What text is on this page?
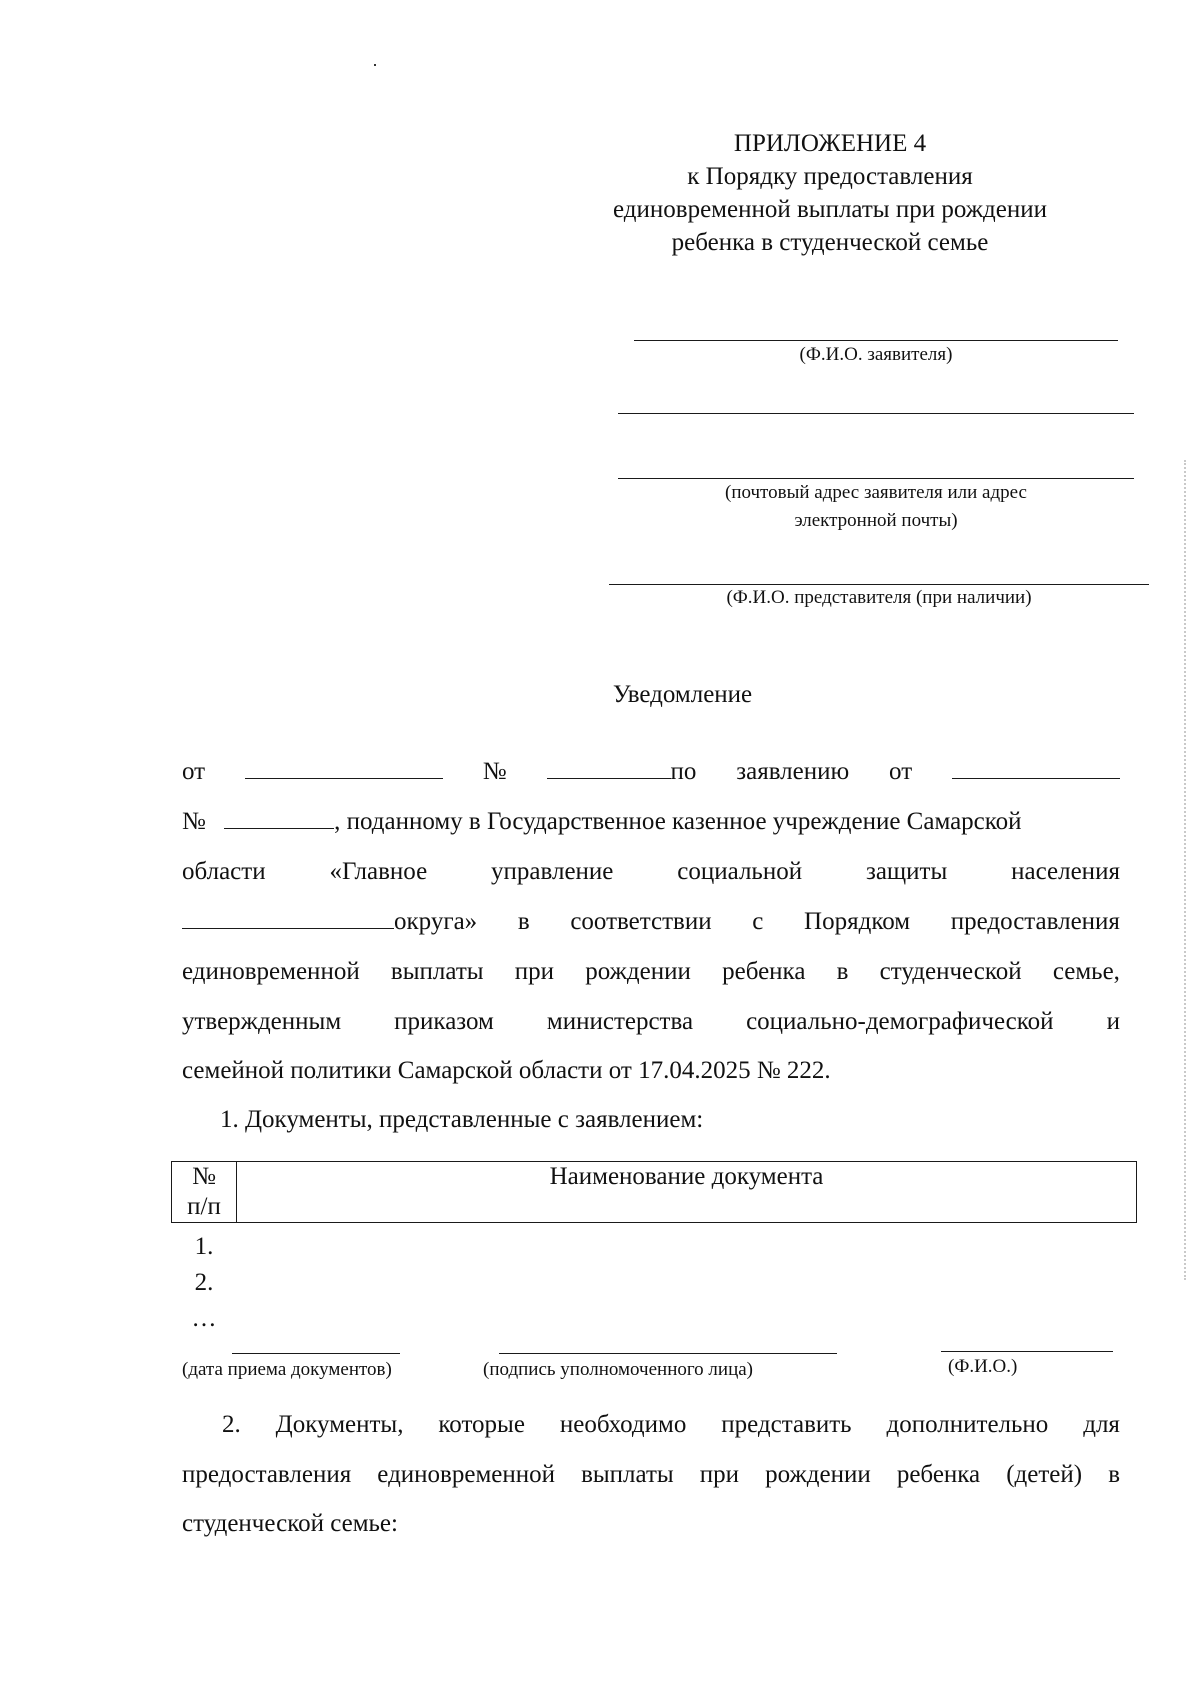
ПРИЛОЖЕНИЕ 4
к Порядку предоставления
единовременной выплаты при рождении
ребенка в студенческой семье
(Ф.И.О. заявителя)
(почтовый адрес заявителя или адрес
электронной почты)
(Ф.И.О. представителя (при наличии)
Уведомление
от	№	по заявлению от
№	, поданному в Государственное казенное учреждение Самарской
области	«Главное	управление	социальной	защиты	населения
округа» в соответствии с Порядком предоставления
единовременной выплаты при рождении ребенка в студенческой семье,
утвержденным приказом министерства социально-демографической и
семейной политики Самарской области от 17.04.2025 № 222.
1. Документы, представленные с заявлением:
№
п/п
	Наименование документа
1.
2.
…
(дата приема документов)	(подпись уполномоченного лица)	(Ф.И.О.)
2. Документы, которые необходимо представить дополнительно для
предоставления единовременной выплаты при рождении ребенка (детей) в
студенческой семье:
